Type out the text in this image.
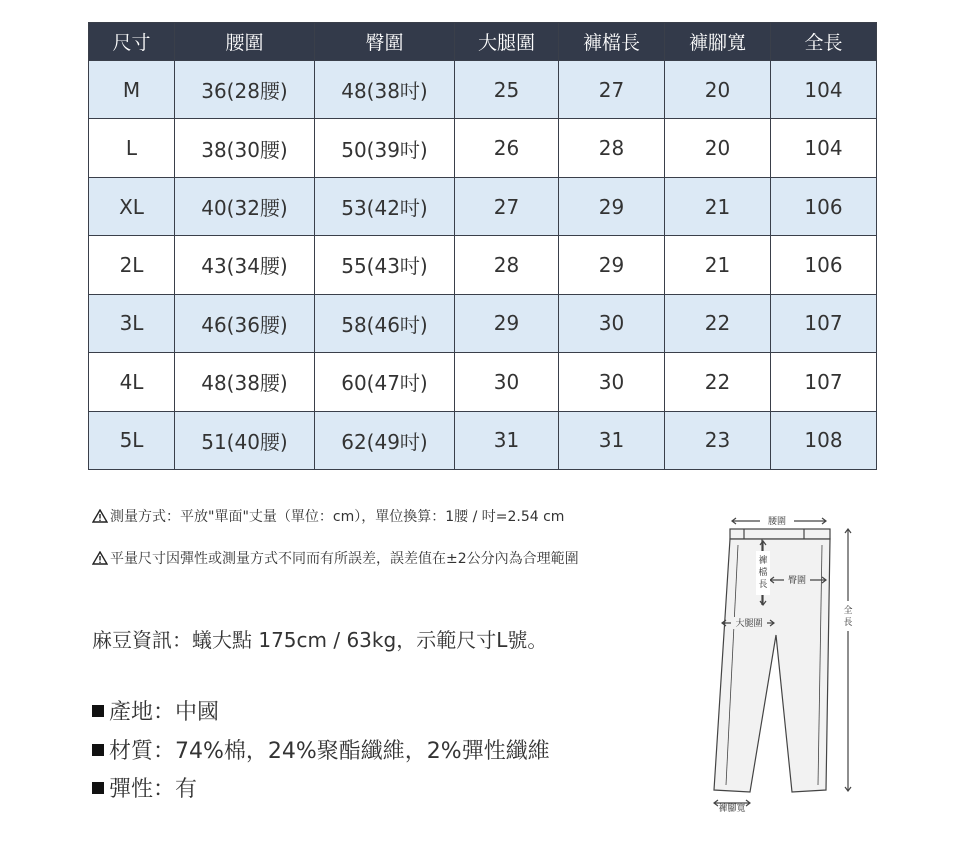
尺寸	腰圍	臀圍	大腿圍	褲檔長	褲腳寬	全長
M	36(28腰)	48(38吋)	25	27	20	104
L	38(30腰)	50(39吋)	26	28	20	104
XL	40(32腰)	53(42吋)	27	29	21	106
2L	43(34腰)	55(43吋)	28	29	21	106
3L	46(36腰)	58(46吋)	29	30	22	107
4L	48(38腰)	60(47吋)	30	30	22	107
5L	51(40腰)	62(49吋)	31	31	23	108
測量方式：平放"單面"丈量（單位：cm），單位換算：1腰 / 吋=2.54 cm
平量尺寸因彈性或測量方式不同而有所誤差，誤差值在±2公分內為合理範圍
麻豆資訊：蟻大點 175cm / 63kg，示範尺寸L號。
產地：中國
材質：74%棉，24%聚酯纖維，2%彈性纖維
彈性：有
腰圍
褲
檔
長 臀圍
大腿圍
全
長
褲腳寬
